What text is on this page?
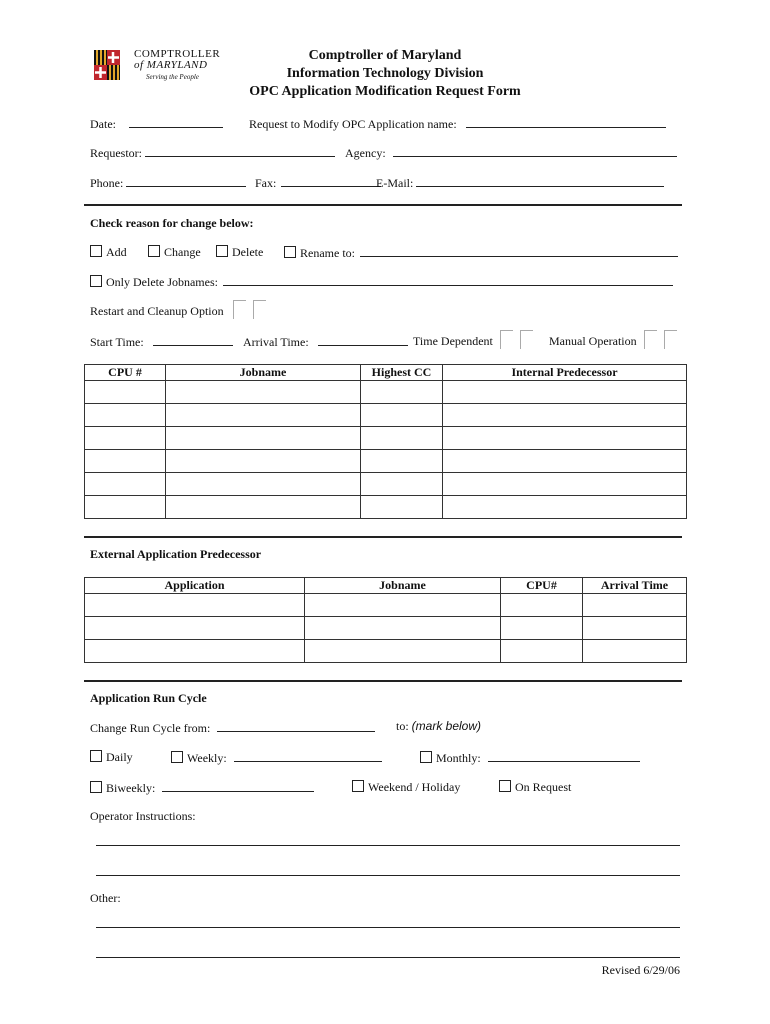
COMPTROLLER
of MARYLAND
Serving the People
Comptroller of Maryland
Information Technology Division
OPC Application Modification Request Form
Date:	Request to Modify OPC Application name:
Requestor:	Agency:
Phone:	Fax:	E-Mail:
Check reason for change below:
Add	Change	Delete	Rename to:
Only Delete Jobnames:
Restart and Cleanup Option
Start Time:	Arrival Time:	Time Dependent	Manual Operation
CPU #	Jobname	Highest CC	Internal Predecessor

External Application Predecessor
Application	Jobname	CPU#	Arrival Time

Application Run Cycle
Change Run Cycle from:	to: (mark below)
Daily	Weekly:	Monthly:
Biweekly:	Weekend / Holiday	On Request
Operator Instructions:
Other:
Revised 6/29/06
